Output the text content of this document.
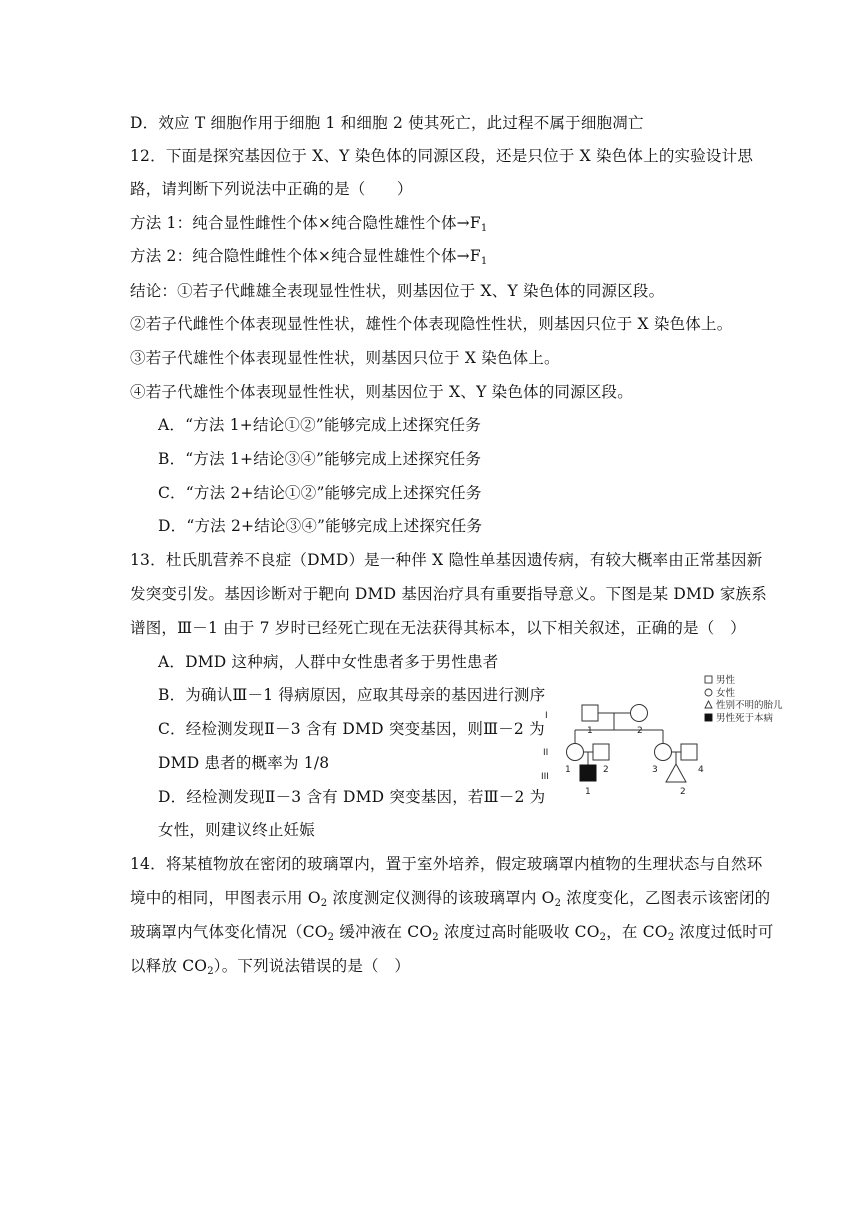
D．效应 T 细胞作用于细胞 1 和细胞 2 使其死亡，此过程不属于细胞凋亡
12．下面是探究基因位于 X、Y 染色体的同源区段，还是只位于 X 染色体上的实验设计思
路，请判断下列说法中正确的是（　　）
方法 1：纯合显性雌性个体×纯合隐性雄性个体$\to F_1$
方法 2：纯合隐性雌性个体×纯合显性雄性个体$\to F_1$
结论：①若子代雌雄全表现显性性状，则基因位于 X、Y 染色体的同源区段。
②若子代雌性个体表现显性性状，雄性个体表现隐性性状，则基因只位于 X 染色体上。
③若子代雄性个体表现显性性状，则基因只位于 X 染色体上。
④若子代雄性个体表现显性性状，则基因位于 X、Y 染色体的同源区段。
A．“方法 1+结论①②”能够完成上述探究任务
B．“方法 1+结论③④”能够完成上述探究任务
C．“方法 2+结论①②”能够完成上述探究任务
D．“方法 2+结论③④”能够完成上述探究任务
13．杜氏肌营养不良症（DMD）是一种伴 X 隐性单基因遗传病，有较大概率由正常基因新
发突变引发。基因诊断对于靶向 DMD 基因治疗具有重要指导意义。下图是某 DMD 家族系
谱图，Ⅲ－1 由于 7 岁时已经死亡现在无法获得其标本，以下相关叙述，正确的是（　）
A．DMD 这种病，人群中女性患者多于男性患者
B．为确认Ⅲ－1 得病原因，应取其母亲的基因进行测序
C．经检测发现Ⅱ－3 含有 DMD 突变基因，则Ⅲ－2 为
DMD 患者的概率为 1/8
D．经检测发现Ⅱ－3 含有 DMD 突变基因，若Ⅲ－2 为
女性，则建议终止妊娠
男性
女性
性别不明的胎儿
男性死于本病
I
II
III
1	2
1	2	3	4
1	2
14．将某植物放在密闭的玻璃罩内，置于室外培养，假定玻璃罩内植物的生理状态与自然环
境中的相同，甲图表示用 $O_2$ 浓度测定仪测得的该玻璃罩内 $O_2$ 浓度变化，乙图表示该密闭的
玻璃罩内气体变化情况（$CO_2$ 缓冲液在 $CO_2$ 浓度过高时能吸收 $CO_2$，在 $CO_2$ 浓度过低时可
以释放 $CO_2$）。下列说法错误的是（　）
